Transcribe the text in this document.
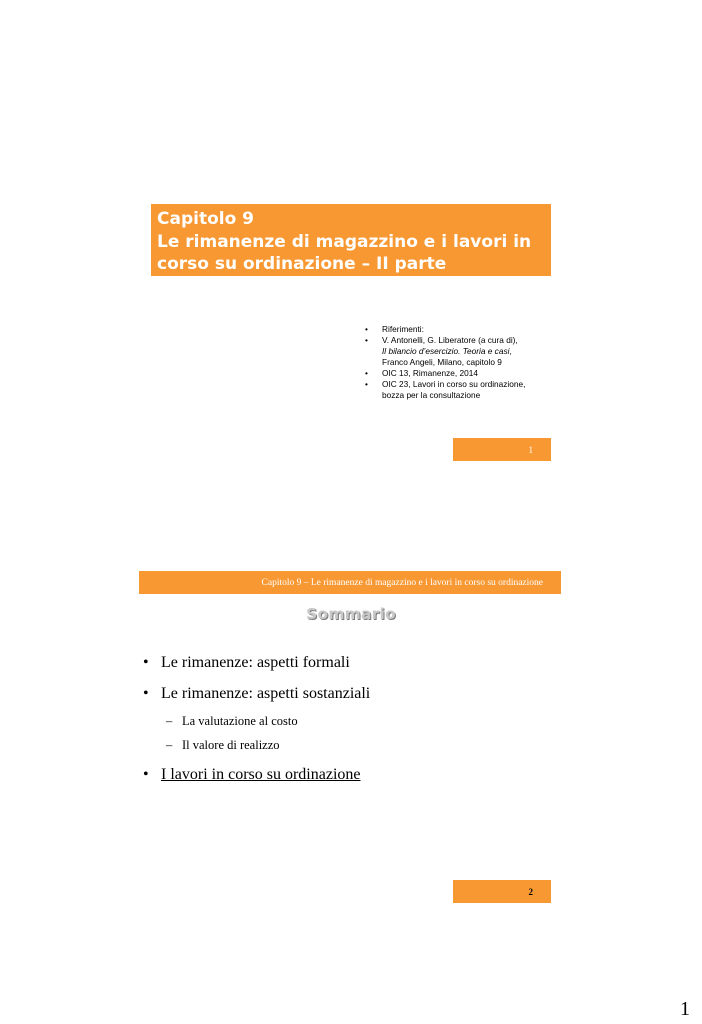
Capitolo 9
Le rimanenze di magazzino e i lavori in
corso su ordinazione – II parte
• Riferimenti:
• V. Antonelli, G. Liberatore (a cura di),
Il bilancio d’esercizio. Teoria e casi,
Franco Angeli, Milano, capitolo 9
• OIC 13, Rimanenze, 2014
• OIC 23, Lavori in corso su ordinazione,
bozza per la consultazione
1
Capitolo 9 – Le rimanenze di magazzino e i lavori in corso su ordinazione
Sommario
• Le rimanenze: aspetti formali
• Le rimanenze: aspetti sostanziali
– La valutazione al costo
– Il valore di realizzo
• I lavori in corso su ordinazione
2
1
